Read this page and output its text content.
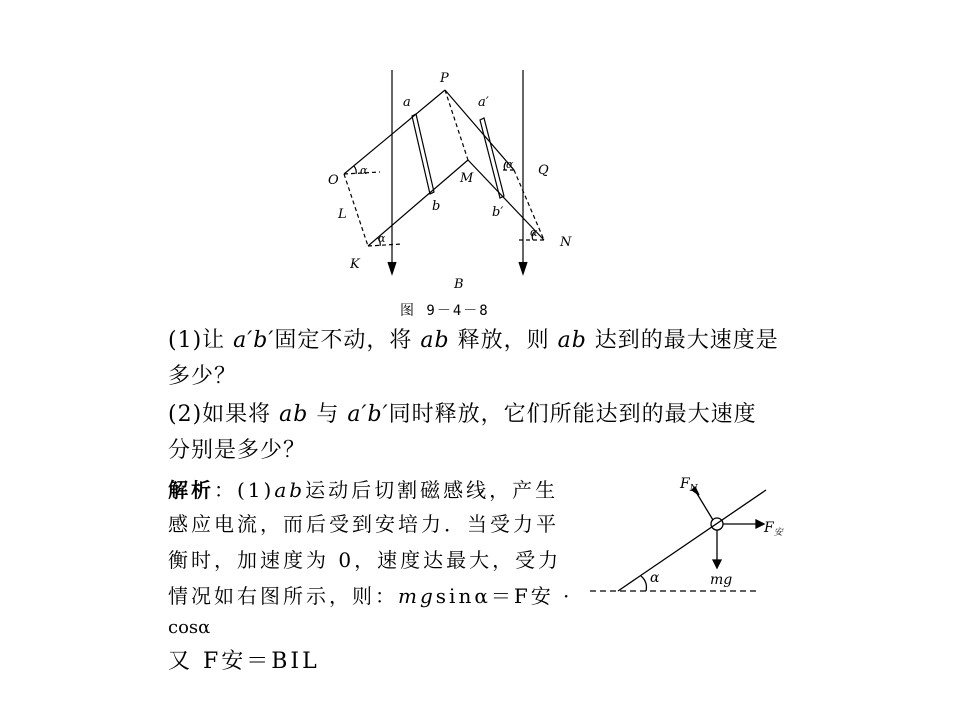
P
a	a′
O
α
M
Q
α
L
b	b′
K
α	N
α
B
图 9－4－8
(1)让 a′b′固定不动，将 ab 释放，则 ab 达到的最大速度是
多少？
(2)如果将 ab 与 a′b′同时释放，它们所能达到的最大速度
分别是多少？
解析：(1)ab运动后切割磁感线，产生
感应电流，而后受到安培力．当受力平
衡时，加速度为 0，速度达最大，受力
情况如右图所示，则：mgsinα＝F安 ·
cosα
又 F安＝BIL
$F_N$
$F_安$
mg
α
